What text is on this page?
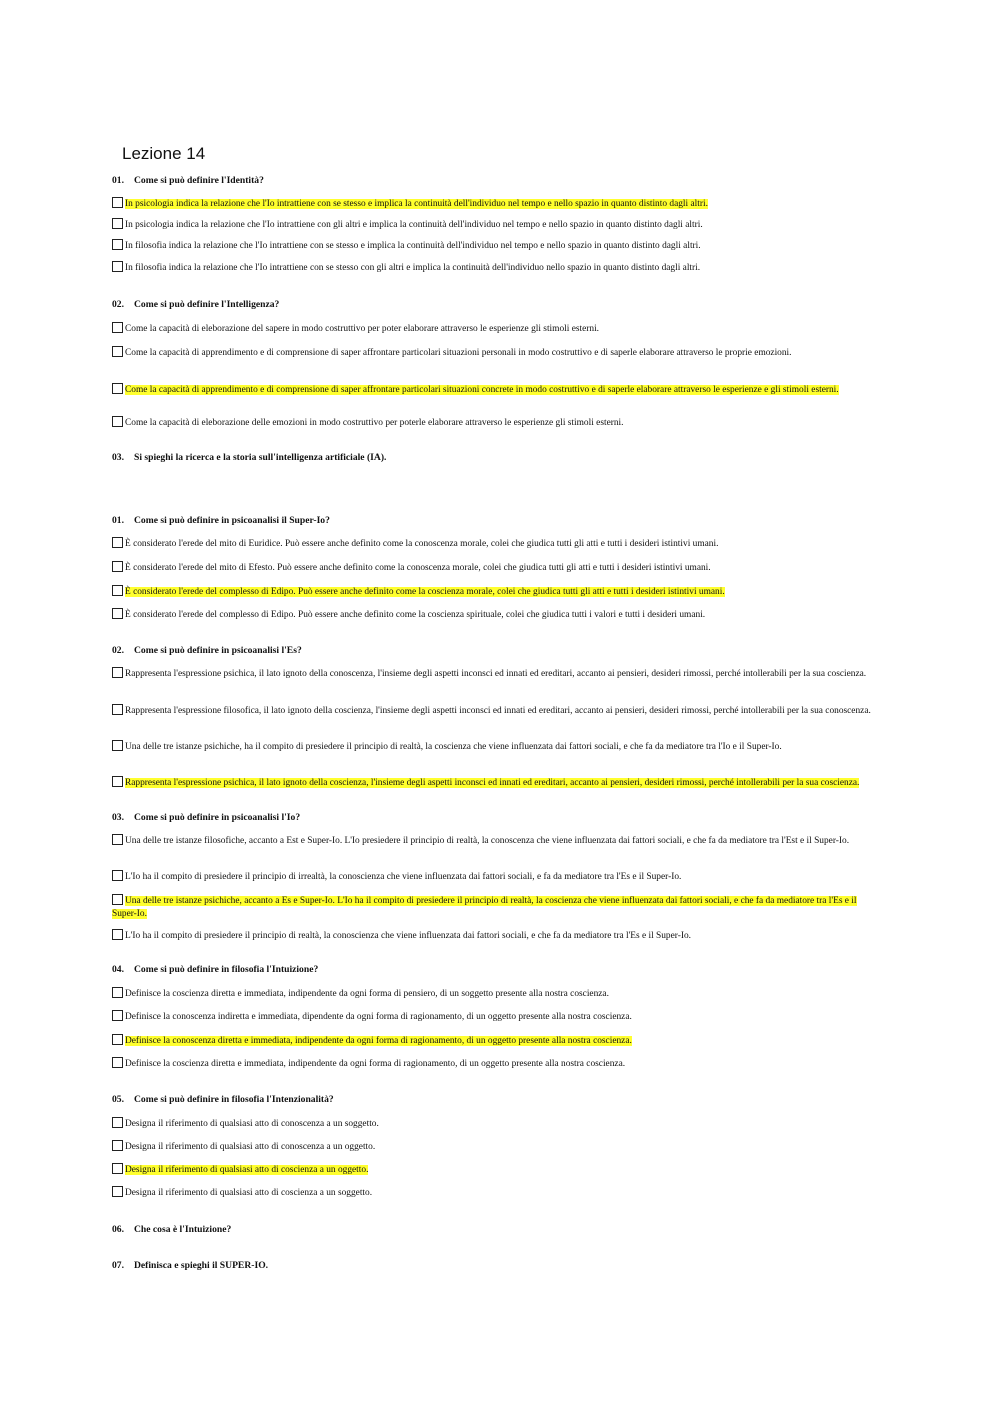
Lezione 14

01. Come si può definire l'Identità?

In psicologia indica la relazione che l'Io intrattiene con se stesso e implica la continuità dell'individuo nel tempo e nello spazio in quanto distinto dagli altri.

In psicologia indica la relazione che l'Io intrattiene con gli altri e implica la continuità dell'individuo nel tempo e nello spazio in quanto distinto dagli altri.

In filosofia indica la relazione che l'Io intrattiene con se stesso e implica la continuità dell'individuo nel tempo e nello spazio in quanto distinto dagli altri.

In filosofia indica la relazione che l'Io intrattiene con se stesso con gli altri e implica la continuità dell'individuo nello spazio in quanto distinto dagli altri.

02. Come si può definire l'Intelligenza?

Come la capacità di eleborazione del sapere in modo costruttivo per poter elaborare attraverso le esperienze gli stimoli esterni.

Come la capacità di apprendimento e di comprensione di saper affrontare particolari situazioni personali in modo costruttivo e di saperle elaborare attraverso le proprie emozioni.

Come la capacità di apprendimento e di comprensione di saper affrontare particolari situazioni concrete in modo costruttivo e di saperle elaborare attraverso le esperienze e gli stimoli esterni.

Come la capacità di eleborazione delle emozioni in modo costruttivo per poterle elaborare attraverso le esperienze gli stimoli esterni.

03. Si spieghi la ricerca e la storia sull'intelligenza artificiale (IA).

01. Come si può definire in psicoanalisi il Super-Io?

È considerato l'erede del mito di Euridice. Può essere anche definito come la conoscenza morale, colei che giudica tutti gli atti e tutti i desideri istintivi umani.

È considerato l'erede del mito di Efesto. Può essere anche definito come la conoscenza morale, colei che giudica tutti gli atti e tutti i desideri istintivi umani.

È considerato l'erede del complesso di Edipo. Può essere anche definito come la coscienza morale, colei che giudica tutti gli atti e tutti i desideri istintivi umani.

È considerato l'erede del complesso di Edipo. Può essere anche definito come la coscienza spirituale, colei che giudica tutti i valori e tutti i desideri umani.

02. Come si può definire in psicoanalisi l'Es?

Rappresenta l'espressione psichica, il lato ignoto della conoscenza, l'insieme degli aspetti inconsci ed innati ed ereditari, accanto ai pensieri, desideri rimossi, perché intollerabili per la sua coscienza.

Rappresenta l'espressione filosofica, il lato ignoto della coscienza, l'insieme degli aspetti inconsci ed innati ed ereditari, accanto ai pensieri, desideri rimossi, perché intollerabili per la sua conoscenza.

Una delle tre istanze psichiche, ha il compito di presiedere il principio di realtà, la coscienza che viene influenzata dai fattori sociali, e che fa da mediatore tra l'Io e il Super-Io.

Rappresenta l'espressione psichica, il lato ignoto della coscienza, l'insieme degli aspetti inconsci ed innati ed ereditari, accanto ai pensieri, desideri rimossi, perché intollerabili per la sua coscienza.

03. Come si può definire in psicoanalisi l'Io?

Una delle tre istanze filosofiche, accanto a Est e Super-Io. L'Io presiedere il principio di realtà, la conoscenza che viene influenzata dai fattori sociali, e che fa da mediatore tra l'Est e il Super-Io.

L'Io ha il compito di presiedere il principio di irrealtà, la conoscienza che viene influenzata dai fattori sociali, e fa da mediatore tra l'Es e il Super-Io.

Una delle tre istanze psichiche, accanto a Es e Super-Io. L'Io ha il compito di presiedere il principio di realtà, la coscienza che viene influenzata dai fattori sociali, e che fa da mediatore tra l'Es e il Super-Io.

L'Io ha il compito di presiedere il principio di realtà, la conoscienza che viene influenzata dai fattori sociali, e che fa da mediatore tra l'Es e il Super-Io.

04. Come si può definire in filosofia l'Intuizione?

Definisce la coscienza diretta e immediata, indipendente da ogni forma di pensiero, di un soggetto presente alla nostra coscienza.

Definisce la conoscenza indiretta e immediata, dipendente da ogni forma di ragionamento, di un oggetto presente alla nostra coscienza.

Definisce la conoscenza diretta e immediata, indipendente da ogni forma di ragionamento, di un oggetto presente alla nostra coscienza.

Definisce la coscienza diretta e immediata, indipendente da ogni forma di ragionamento, di un oggetto presente alla nostra coscienza.

05. Come si può definire in filosofia l'Intenzionalità?

Designa il riferimento di qualsiasi atto di conoscenza a un soggetto.

Designa il riferimento di qualsiasi atto di conoscenza a un oggetto.

Designa il riferimento di qualsiasi atto di coscienza a un oggetto.

Designa il riferimento di qualsiasi atto di coscienza a un soggetto.

06. Che cosa è l'Intuizione?

07. Definisca e spieghi il SUPER-IO.
